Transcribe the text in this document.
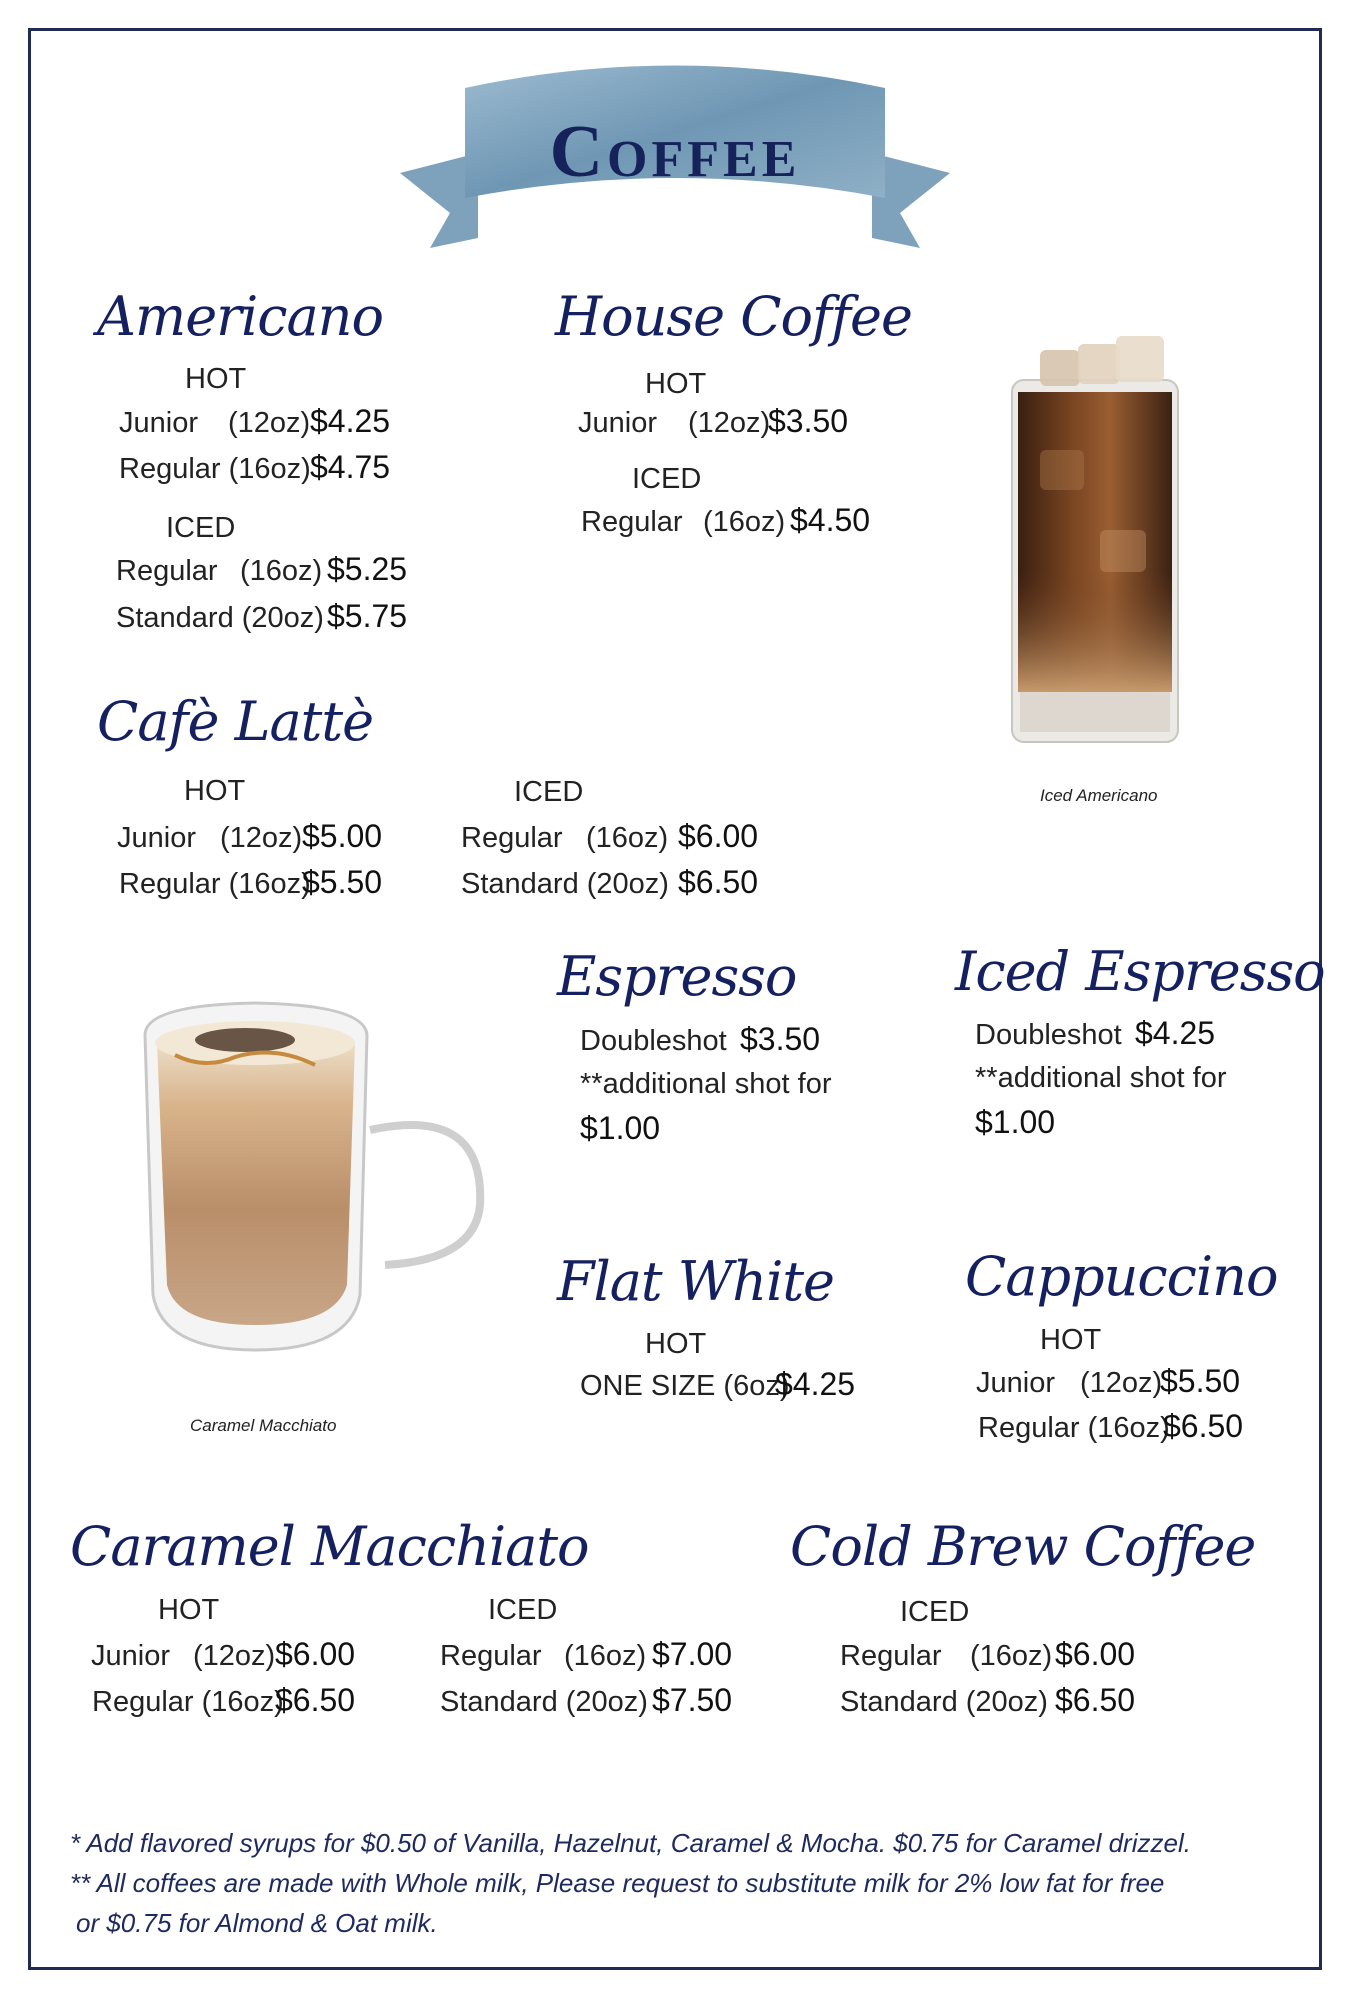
Coffee
Americano
HOT
Junior (12oz) $4.25
Regular (16oz) $4.75
ICED
Regular (16oz) $5.25
Standard (20oz) $5.75
House Coffee
HOT
Junior (12oz)
$3.50
ICED
Regular (16oz) $4.50
Iced Americano
Cafè Lattè
HOT
Junior (12oz) $5.00
Regular (16oz)
$5.50
ICED
Regular (16oz) $6.00
Standard (20oz) $6.50
Caramel Macchiato
Espresso
Doubleshot $3.50
**additional shot for
$1.00
Iced Espresso
Doubleshot $4.25
**additional shot for
$1.00
Flat White
HOT
ONE SIZE (6oz)
$4.25
Cappuccino
HOT
Junior (12oz)
$5.50
Regular (16oz)
$6.50
Caramel Macchiato
HOT
Junior (12oz) $6.00
Regular (16oz)
$6.50
ICED
Regular (16oz) $7.00
Standard (20oz) $7.50
Cold Brew Coffee
ICED
Regular (16oz) $6.00
Standard (20oz) $6.50
* Add flavored syrups for $0.50 of Vanilla, Hazelnut, Caramel & Mocha. $0.75 for Caramel drizzel.
** All coffees are made with Whole milk, Please request to substitute milk for 2% low fat for free
or $0.75 for Almond & Oat milk.
